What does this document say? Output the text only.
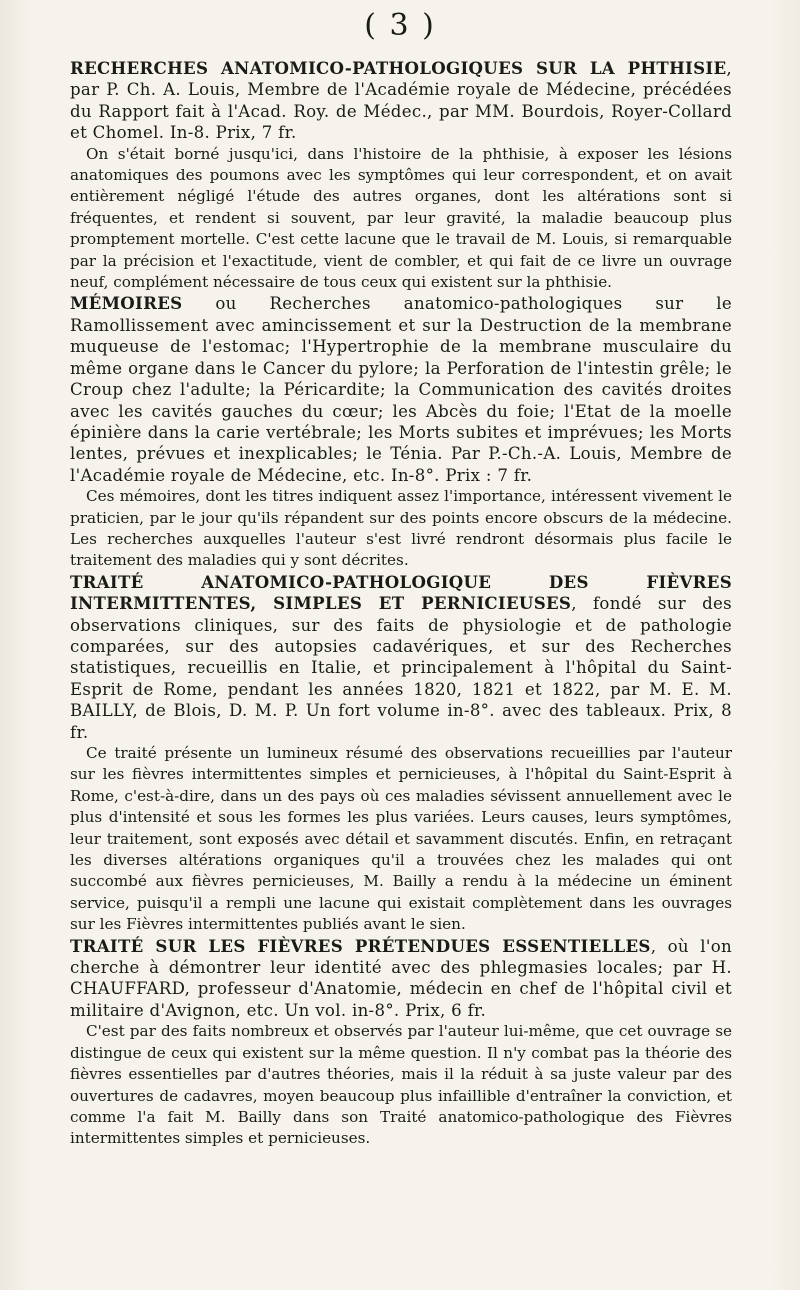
( 3 )

RECHERCHES ANATOMICO-PATHOLOGIQUES SUR LA PHTHISIE, par P. Ch. A. Louis, Membre de l'Académie royale de Médecine, précédées du Rapport fait à l'Acad. Roy. de Médec., par MM. Bourdois, Royer-Collard et Chomel. In-8. Prix, 7 fr.

On s'était borné jusqu'ici, dans l'histoire de la phthisie, à exposer les lésions anatomiques des poumons avec les symptômes qui leur correspondent, et on avait entièrement négligé l'étude des autres organes, dont les altérations sont si fréquentes, et rendent si souvent, par leur gravité, la maladie beaucoup plus promptement mortelle. C'est cette lacune que le travail de M. Louis, si remarquable par la précision et l'exactitude, vient de combler, et qui fait de ce livre un ouvrage neuf, complément nécessaire de tous ceux qui existent sur la phthisie.

MÉMOIRES ou Recherches anatomico-pathologiques sur le Ramollissement avec amincissement et sur la Destruction de la membrane muqueuse de l'estomac; l'Hypertrophie de la membrane musculaire du même organe dans le Cancer du pylore; la Perforation de l'intestin grêle; le Croup chez l'adulte; la Péricardite; la Communication des cavités droites avec les cavités gauches du cœur; les Abcès du foie; l'Etat de la moelle épinière dans la carie vertébrale; les Morts subites et imprévues; les Morts lentes, prévues et inexplicables; le Ténia. Par P.-Ch.-A. Louis, Membre de l'Académie royale de Médecine, etc. In-8°. Prix : 7 fr.

Ces mémoires, dont les titres indiquent assez l'importance, intéressent vivement le praticien, par le jour qu'ils répandent sur des points encore obscurs de la médecine. Les recherches auxquelles l'auteur s'est livré rendront désormais plus facile le traitement des maladies qui y sont décrites.

TRAITÉ ANATOMICO-PATHOLOGIQUE DES FIÈVRES INTERMITTENTES, SIMPLES ET PERNICIEUSES, fondé sur des observations cliniques, sur des faits de physiologie et de pathologie comparées, sur des autopsies cadavériques, et sur des Recherches statistiques, recueillis en Italie, et principalement à l'hôpital du Saint-Esprit de Rome, pendant les années 1820, 1821 et 1822, par M. E. M. BAILLY, de Blois, D. M. P. Un fort volume in-8°. avec des tableaux. Prix, 8 fr.

Ce traité présente un lumineux résumé des observations recueillies par l'auteur sur les fièvres intermittentes simples et pernicieuses, à l'hôpital du Saint-Esprit à Rome, c'est-à-dire, dans un des pays où ces maladies sévissent annuellement avec le plus d'intensité et sous les formes les plus variées. Leurs causes, leurs symptômes, leur traitement, sont exposés avec détail et savamment discutés. Enfin, en retraçant les diverses altérations organiques qu'il a trouvées chez les malades qui ont succombé aux fièvres pernicieuses, M. Bailly a rendu à la médecine un éminent service, puisqu'il a rempli une lacune qui existait complètement dans les ouvrages sur les Fièvres intermittentes publiés avant le sien.

TRAITÉ SUR LES FIÈVRES PRÉTENDUES ESSENTIELLES, où l'on cherche à démontrer leur identité avec des phlegmasies locales; par H. CHAUFFARD, professeur d'Anatomie, médecin en chef de l'hôpital civil et militaire d'Avignon, etc. Un vol. in-8°. Prix, 6 fr.

C'est par des faits nombreux et observés par l'auteur lui-même, que cet ouvrage se distingue de ceux qui existent sur la même question. Il n'y combat pas la théorie des fièvres essentielles par d'autres théories, mais il la réduit à sa juste valeur par des ouvertures de cadavres, moyen beaucoup plus infaillible d'entraîner la conviction, et comme l'a fait M. Bailly dans son Traité anatomico-pathologique des Fièvres intermittentes simples et pernicieuses.
